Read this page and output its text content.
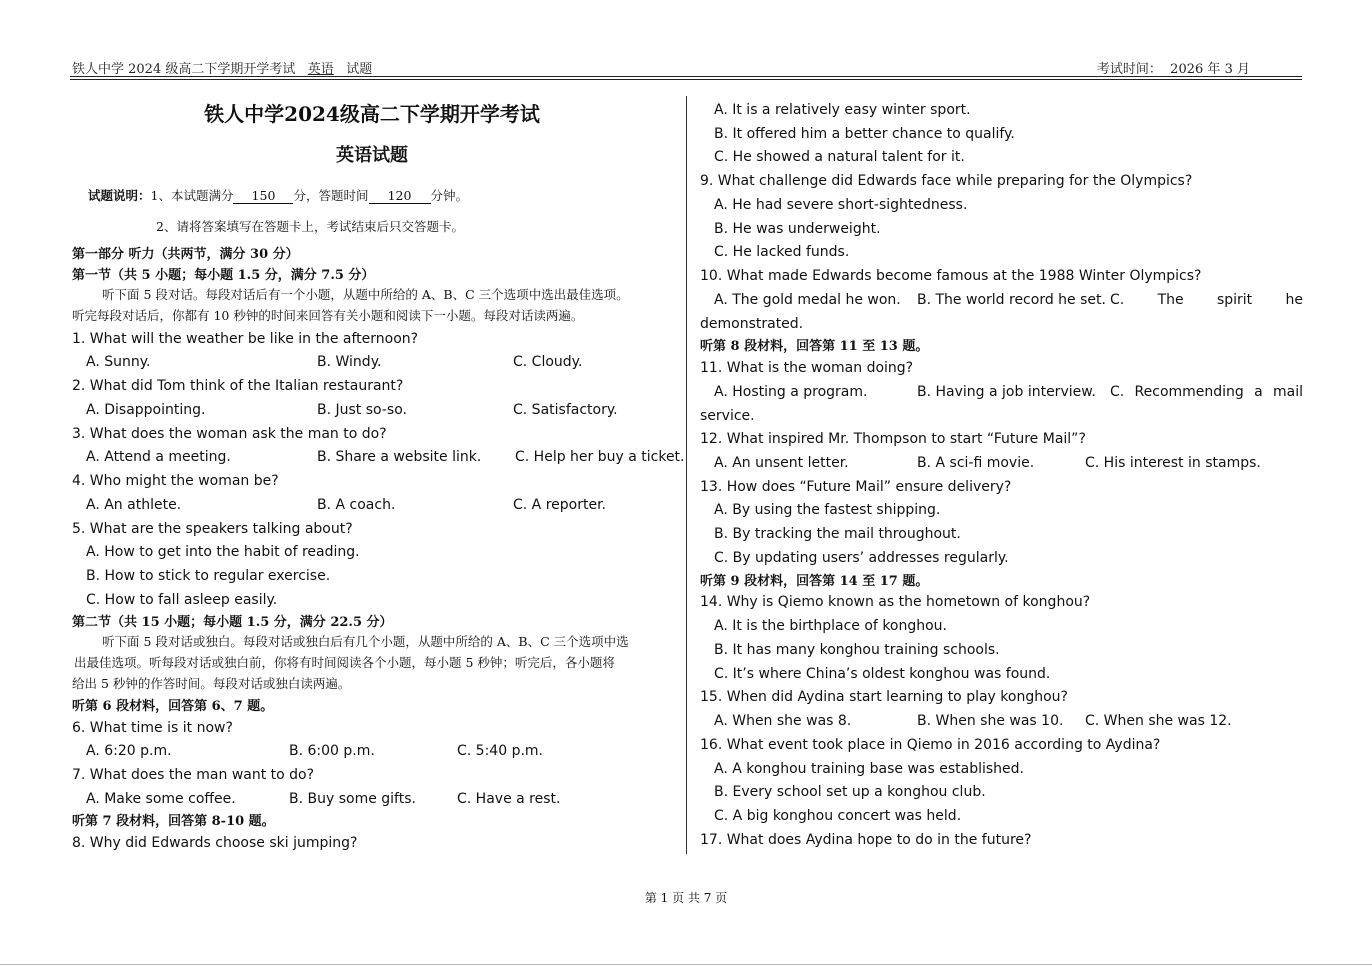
铁人中学 2024 级高二下学期开学考试 英语 试题	考试时间： 2026 年 3 月
铁人中学2024级高二下学期开学考试
英语试题
试题说明：1、本试题满分 150 分，答题时间 120 分钟。
2、请将答案填写在答题卡上，考试结束后只交答题卡。
第一部分 听力（共两节，满分 30 分）
第一节（共 5 小题；每小题 1.5 分，满分 7.5 分）
听下面 5 段对话。每段对话后有一个小题，从题中所给的 A、B、C 三个选项中选出最佳选项。
听完每段对话后，你都有 10 秒钟的时间来回答有关小题和阅读下一小题。每段对话读两遍。
1. What will the weather be like in the afternoon?
A. Sunny.	B. Windy.	C. Cloudy.
2. What did Tom think of the Italian restaurant?
A. Disappointing.	B. Just so-so.	C. Satisfactory.
3. What does the woman ask the man to do?
A. Attend a meeting.	B. Share a website link. C. Help her buy a ticket.
4. Who might the woman be?
A. An athlete.	B. A coach.	C. A reporter.
5. What are the speakers talking about?
A. How to get into the habit of reading.
B. How to stick to regular exercise.
C. How to fall asleep easily.
第二节（共 15 小题；每小题 1.5 分，满分 22.5 分）
听下面 5 段对话或独白。每段对话或独白后有几个小题，从题中所给的 A、B、C 三个选项中选
出最佳选项。听每段对话或独白前，你将有时间阅读各个小题，每小题 5 秒钟；听完后，各小题将
给出 5 秒钟的作答时间。每段对话或独白读两遍。
听第 6 段材料，回答第 6、7 题。
6. What time is it now?
A. 6:20 p.m.	B. 6:00 p.m.	C. 5:40 p.m.
7. What does the man want to do?
A. Make some coffee.	B. Buy some gifts.	C. Have a rest.
听第 7 段材料，回答第 8-10 题。
8. Why did Edwards choose ski jumping?
A. It is a relatively easy winter sport.
B. It offered him a better chance to qualify.
C. He showed a natural talent for it.
9. What challenge did Edwards face while preparing for the Olympics?
A. He had severe short-sightedness.
B. He was underweight.
C. He lacked funds.
10. What made Edwards become famous at the 1988 Winter Olympics?
A. The gold medal he won. B. The world record he set. C. The spirit he
demonstrated.
听第 8 段材料，回答第 11 至 13 题。
11. What is the woman doing?
A. Hosting a program.	B. Having a job interview. C. Recommending a mail
service.
12. What inspired Mr. Thompson to start “Future Mail”?
A. An unsent letter.	B. A sci-fi movie.	C. His interest in stamps.
13. How does “Future Mail” ensure delivery?
A. By using the fastest shipping.
B. By tracking the mail throughout.
C. By updating users’ addresses regularly.
听第 9 段材料，回答第 14 至 17 题。
14. Why is Qiemo known as the hometown of konghou?
A. It is the birthplace of konghou.
B. It has many konghou training schools.
C. It’s where China’s oldest konghou was found.
15. When did Aydina start learning to play konghou?
A. When she was 8.	B. When she was 10. C. When she was 12.
16. What event took place in Qiemo in 2016 according to Aydina?
A. A konghou training base was established.
B. Every school set up a konghou club.
C. A big konghou concert was held.
17. What does Aydina hope to do in the future?
第 1 页 共 7 页
